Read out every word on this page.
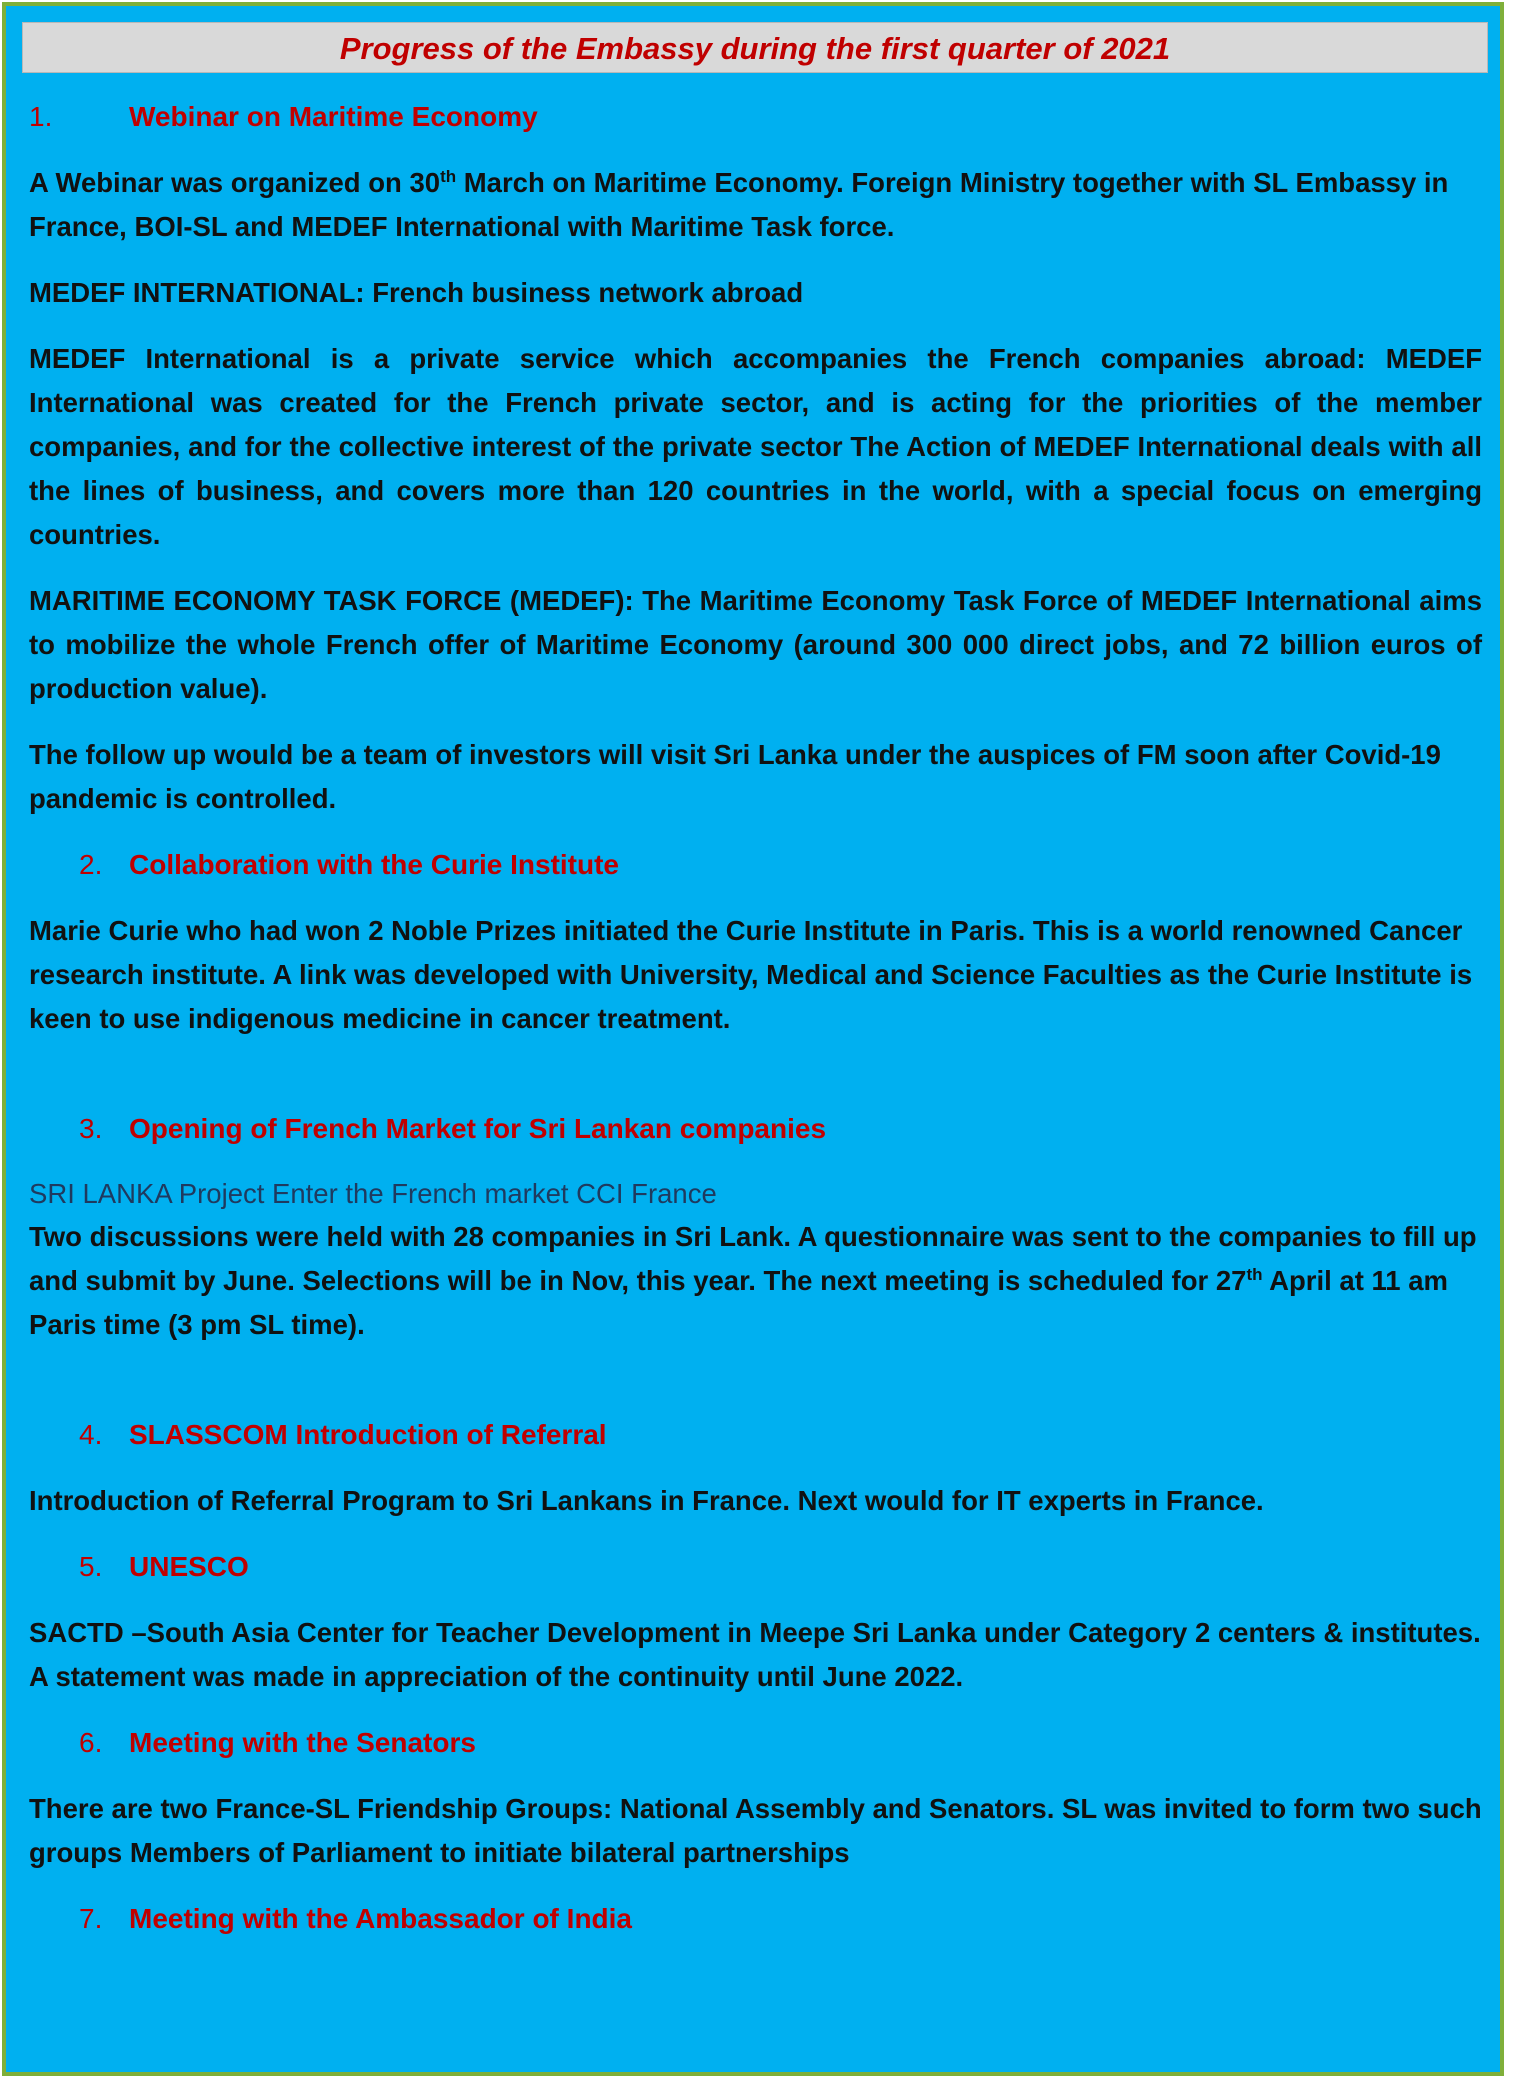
Progress of the Embassy during the first quarter of 2021
1.	Webinar on Maritime Economy

A Webinar was organized on 30th March on Maritime Economy. Foreign Ministry together with SL Embassy in France, BOI-SL and MEDEF International with Maritime Task force.

MEDEF INTERNATIONAL: French business network abroad

MEDEF International is a private service which accompanies the French companies abroad: MEDEF International was created for the French private sector, and is acting for the priorities of the member companies, and for the collective interest of the private sector The Action of MEDEF International deals with all the lines of business, and covers more than 120 countries in the world, with a special focus on emerging countries.

MARITIME ECONOMY TASK FORCE (MEDEF): The Maritime Economy Task Force of MEDEF International aims to mobilize the whole French offer of Maritime Economy (around 300 000 direct jobs, and 72 billion euros of production value).

The follow up would be a team of investors will visit Sri Lanka under the auspices of FM soon after Covid-19 pandemic is controlled.

2. Collaboration with the Curie Institute

Marie Curie who had won 2 Noble Prizes initiated the Curie Institute in Paris. This is a world renowned Cancer research institute. A link was developed with University, Medical and Science Faculties as the Curie Institute is keen to use indigenous medicine in cancer treatment.

3. Opening of French Market for Sri Lankan companies

SRI LANKA Project Enter the French market CCI France

Two discussions were held with 28 companies in Sri Lank. A questionnaire was sent to the companies to fill up and submit by June. Selections will be in Nov, this year. The next meeting is scheduled for 27th April at 11 am Paris time (3 pm SL time).

4. SLASSCOM Introduction of Referral

Introduction of Referral Program to Sri Lankans in France. Next would for IT experts in France.

5. UNESCO

SACTD –South Asia Center for Teacher Development in Meepe Sri Lanka under Category 2 centers & institutes. A statement was made in appreciation of the continuity until June 2022.

6. Meeting with the Senators

There are two France-SL Friendship Groups: National Assembly and Senators. SL was invited to form two such groups Members of Parliament to initiate bilateral partnerships

7. Meeting with the Ambassador of India
